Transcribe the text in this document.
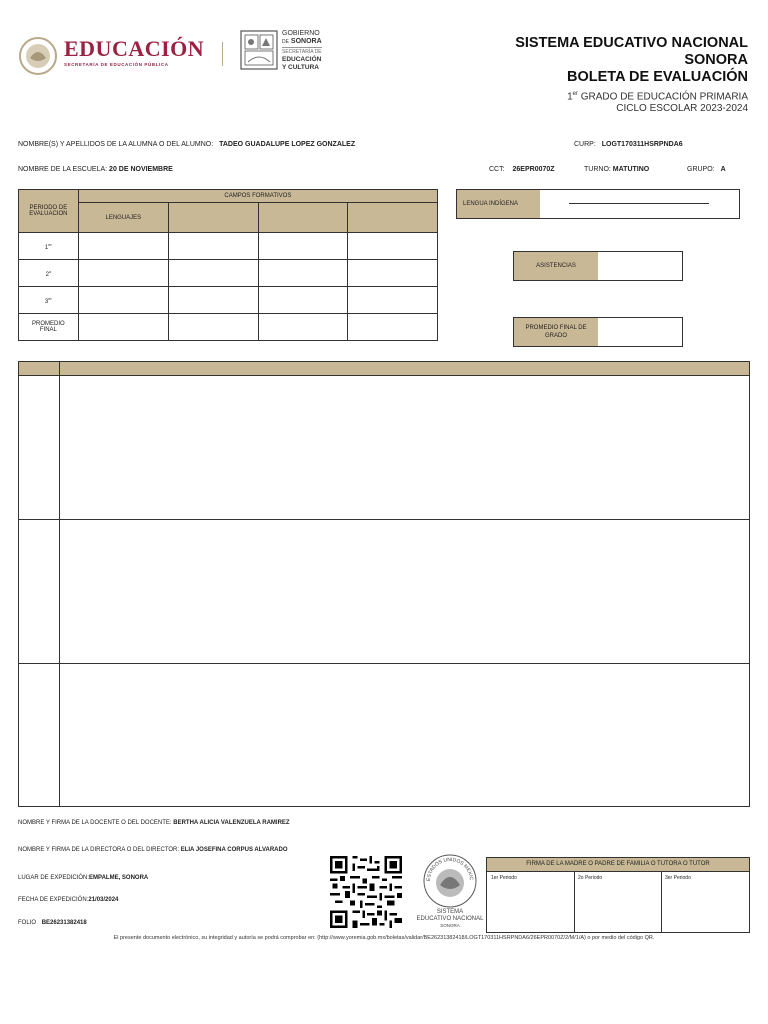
EDUCACIÓN
SECRETARÍA DE EDUCACIÓN PÚBLICA
GOBIERNO
DE SONORA
SECRETARÍA DE
EDUCACIÓN
Y CULTURA
SISTEMA EDUCATIVO NACIONAL
SONORA
BOLETA DE EVALUACIÓN
1er GRADO DE EDUCACIÓN PRIMARIA
CICLO ESCOLAR 2023-2024
NOMBRE(S) Y APELLIDOS DE LA ALUMNA O DEL ALUMNO: TADEO GUADALUPE LOPEZ GONZALEZ	CURP: LOGT170311HSRPNDA6
NOMBRE DE LA ESCUELA: 20 DE NOVIEMBRE	CCT: 26EPR0070Z	TURNO: MATUTINO	GRUPO: A
PERIODO DE EVALUACION	CAMPOS FORMATIVOS			
	LENGUAJES			
1er				
2$^o$				
3er				
PROMEDIO FINAL				
LENGUA INDÍGENA
ASISTENCIAS
PROMEDIO FINAL DE GRADO
NOMBRE Y FIRMA DE LA DOCENTE O DEL DOCENTE: BERTHA ALICIA VALENZUELA RAMIREZ
NOMBRE Y FIRMA DE LA DIRECTORA O DEL DIRECTOR: ELIA JOSEFINA CORPUS ALVARADO
LUGAR DE EXPEDICIÓN:EMPALME, SONORA
FECHA DE EXPEDICIÓN:21/03/2024
FOLIO BE26231382418
ESTADOS UNIDOS MEXIC
SISTEMA
EDUCATIVO NACIONAL
SONORA
FIRMA DE LA MADRE O PADRE DE FAMILIA O TUTORA O TUTOR
1er Periodo	2o Periodo	3er Periodo
El presente documento electrónico, su integridad y autoría se podrá comprobar en: (http://www.yoremia.gob.mx/boletas/validar/BE26231382418/LOGT170311HSRPNDA6/26EPR0070Z/2/M/1/A) o por medio del código QR.
